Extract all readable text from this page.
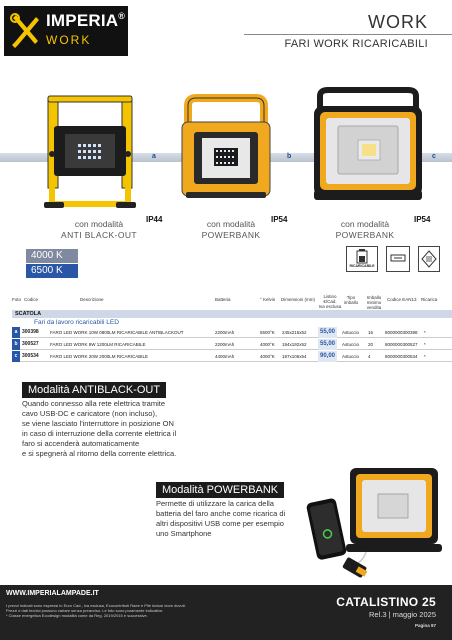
IMPERIA®
WORK
WORK
FARI WORK RICARICABILI
a	b	c
con modalità
ANTI BLACK-OUT
IP44	con modalità
POWERBANK
IP54	con modalità
POWERBANK
IP54
4000 K
6500 K	RICARICABILE
Foto Codice	Descrizione	Batteria	° Kelvin Dimensioni (mm)
Listino
€/Cad.
Iva esclusa
Tipo
imballo
Imballo
minimo vendita
Codice EAN13 Ricarica
SCATOLA
Fari da lavoro ricaricabili LED
a 300398	FARO LED WORK 10W 0800LM RICARICABILE ANTIBLACKOUT	2200mAh	6500°K 245x215x52	55,00	Astuccio 16	8000000300398 *
b 300527	FARO LED WORK 9W 1200LM RICARICABILE	2200mAh	4000°K 194x192x52	55,00	Astuccio 20	8000000300527 *
c 300534	FARO LED WORK 20W 2000LM RICARICABILE	4400mAh	4000°K 197x106x54	90,00	Astuccio 4	8000000300534 *
Modalità ANTIBLACK-OUT
Quando connesso alla rete elettrica tramite
cavo USB-DC e caricatore (non incluso),
se viene lasciato l'interruttore in posizione ON
in caso di interruzione della corrente elettrica il
faro si accenderà automaticamente
e si spegnerà al ritorno della corrente elettrica.
Modalità POWERBANK
Permette di utilizzare la carica della
batteria del faro anche come ricarica di
altri dispositivi USB come per esempio
uno Smartphone
WWW.IMPERIALAMPADE.IT
I prezzi indicati sono espressi in Euro Cad., Iva esclusa, Ecocontributi Raee e Pile inclusi dove dovuti.
Prezzi e dati tecnici possono variare senza preavviso. Le foto sono puramente indicative.
* Classe energetica Ecodesign modalità come da Reg. 2019/2015 e successive.
CATALISTINO 25
Rel.3 | maggio 2025
Pagina 97
